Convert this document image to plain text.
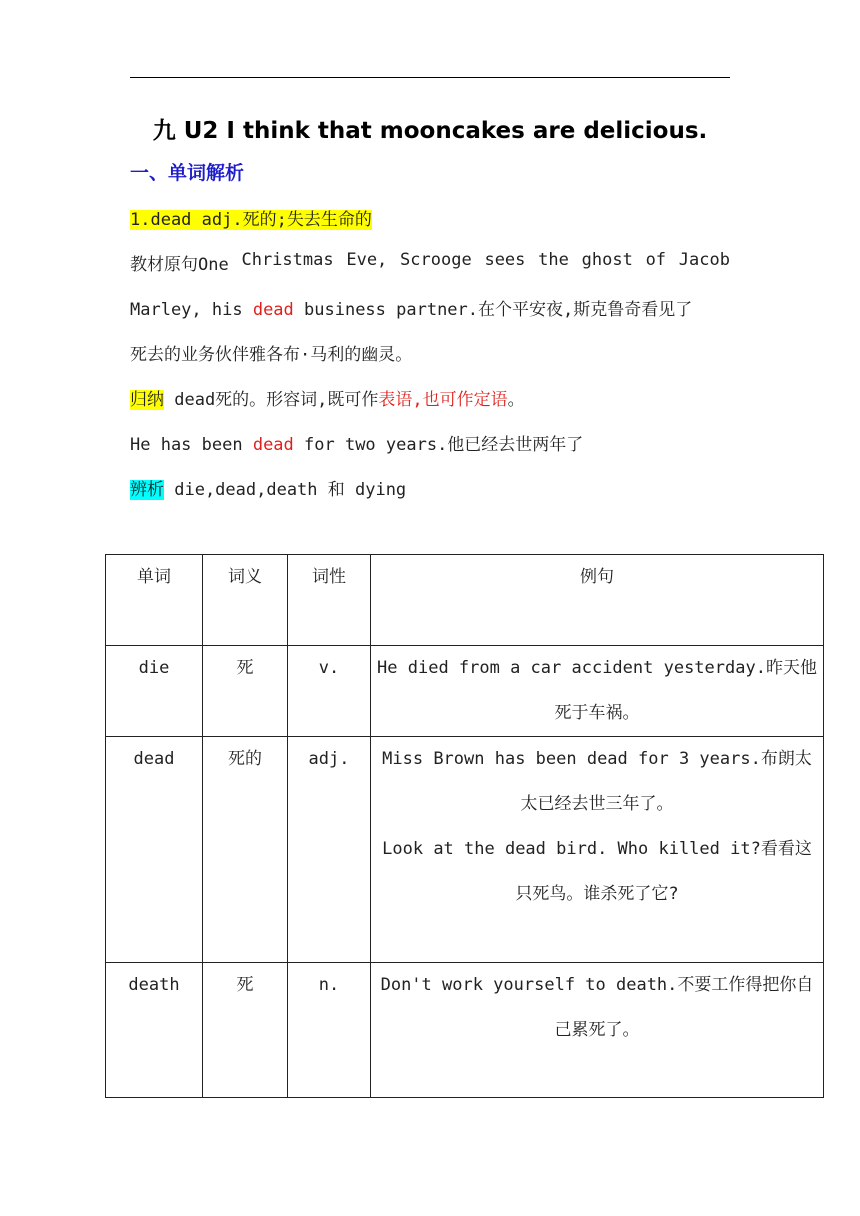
九 U2 I think that mooncakes are delicious.
一、单词解析
1.dead adj.死的;失去生命的
教材原句One Christmas Eve, Scrooge sees the ghost of Jacob
Marley, his dead business partner.在个平安夜,斯克鲁奇看见了
死去的业务伙伴雅各布·马利的幽灵。
归纳 dead死的。形容词,既可作表语,也可作定语。
He has been dead for two years.他已经去世两年了
辨析 die,dead,death 和 dying
单词	词义	词性	例句
die	死	v.	He died from a car accident yesterday.昨天他死于车祸。

dead	死的	adj.	Miss Brown has been dead for 3 years.布朗太太已经去世三年了。
Look at the dead bird. Who killed it?看看这只死鸟。谁杀死了它?

death	死	n.	Don't work yourself to death.不要工作得把你自己累死了。
